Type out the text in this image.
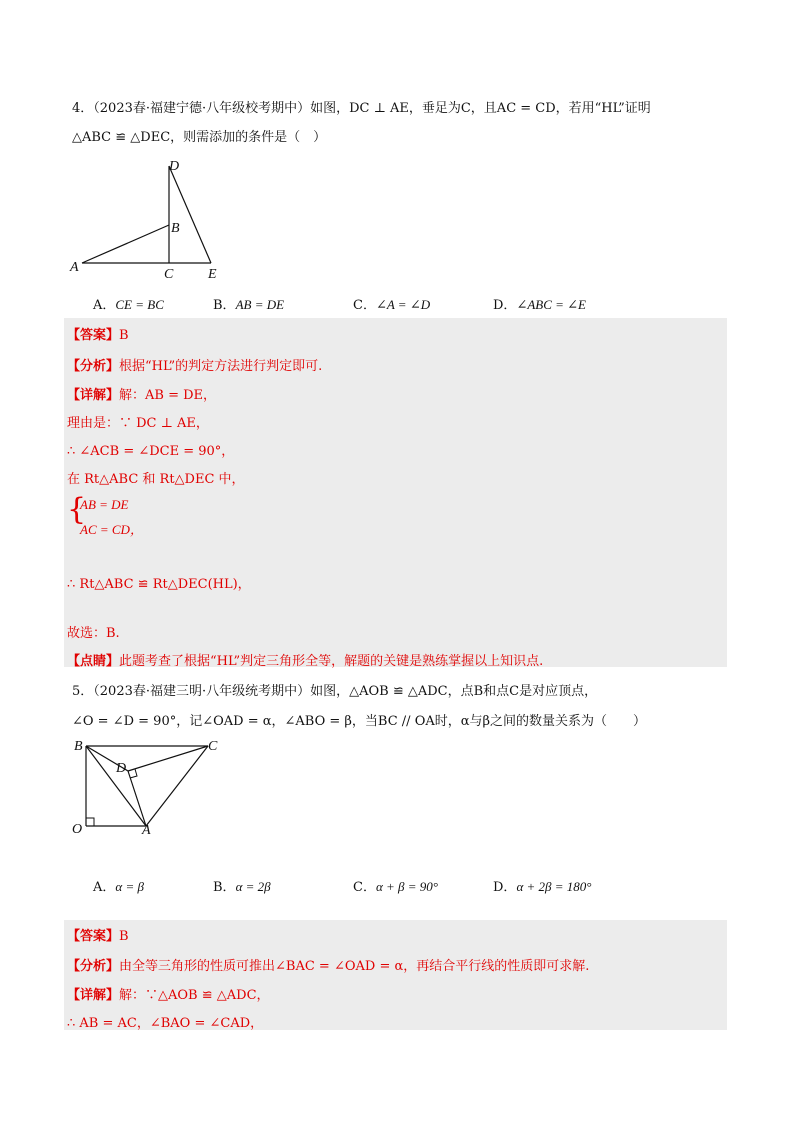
4．（2023春·福建宁德·八年级校考期中）如图，DC ⊥ AE，垂足为C，且AC = CD，若用“HL”证明
△ABC ≌ △DEC，则需添加的条件是（　）
D
B
A	C E
A．CE = BC	B．AB = DE	C．∠A = ∠D	D．∠ABC = ∠E
【答案】B
【分析】根据“HL”的判定方法进行判定即可.
【详解】解：AB = DE，
理由是：∵ DC ⊥ AE，
∴ ∠ACB = ∠DCE = 90°，
在 Rt△ABC 和 Rt△DEC 中，
{
AB = DE
AC = CD，
∴ Rt△ABC ≌ Rt△DEC(HL)，
故选：B.
【点睛】此题考查了根据“HL”判定三角形全等，解题的关键是熟练掌握以上知识点.
5．（2023春·福建三明·八年级统考期中）如图，△AOB ≌ △ADC，点B和点C是对应顶点，
∠O = ∠D = 90°，记∠OAD = α，∠ABO = β，当BC // OA时，α与β之间的数量关系为（　　）
B	C
D
O	A
A．α = β	B．α = 2β	C．α + β = 90°	D．α + 2β = 180°
【答案】B
【分析】由全等三角形的性质可推出∠BAC = ∠OAD = α，再结合平行线的性质即可求解.
【详解】解：∵△AOB ≌ △ADC，
∴ AB = AC，∠BAO = ∠CAD，
